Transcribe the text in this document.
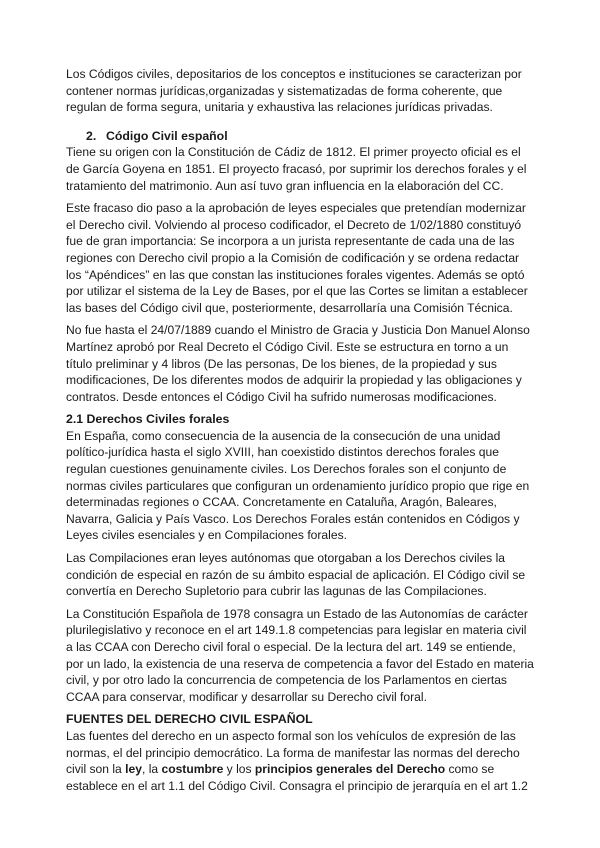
Los Códigos civiles, depositarios de los conceptos e instituciones se caracterizan por contener normas jurídicas,organizadas y sistematizadas de forma coherente, que regulan de forma segura, unitaria y exhaustiva las relaciones jurídicas privadas.

2. Código Civil español

Tiene su origen con la Constitución de Cádiz de 1812. El primer proyecto oficial es el de García Goyena en 1851. El proyecto fracasó, por suprimir los derechos forales y el tratamiento del matrimonio. Aun así tuvo gran influencia en la elaboración del CC.

Este fracaso dio paso a la aprobación de leyes especiales que pretendían modernizar el Derecho civil. Volviendo al proceso codificador, el Decreto de 1/02/1880 constituyó fue de gran importancia: Se incorpora a un jurista representante de cada una de las regiones con Derecho civil propio a la Comisión de codificación y se ordena redactar los “Apéndices” en las que constan las instituciones forales vigentes. Además se optó por utilizar el sistema de la Ley de Bases, por el que las Cortes se limitan a establecer las bases del Código civil que, posteriormente, desarrollaría una Comisión Técnica.

No fue hasta el 24/07/1889 cuando el Ministro de Gracia y Justicia Don Manuel Alonso Martínez aprobó por Real Decreto el Código Civil. Este se estructura en torno a un título preliminar y 4 libros (De las personas, De los bienes, de la propiedad y sus modificaciones, De los diferentes modos de adquirir la propiedad y las obligaciones y contratos. Desde entonces el Código Civil ha sufrido numerosas modificaciones.

2.1 Derechos Civiles forales

En España, como consecuencia de la ausencia de la consecución de una unidad político-jurídica hasta el siglo XVIII, han coexistido distintos derechos forales que regulan cuestiones genuinamente civiles. Los Derechos forales son el conjunto de normas civiles particulares que configuran un ordenamiento jurídico propio que rige en determinadas regiones o CCAA. Concretamente en Cataluña, Aragón, Baleares, Navarra, Galicia y País Vasco. Los Derechos Forales están contenidos en Códigos y Leyes civiles esenciales y en Compilaciones forales.

Las Compilaciones eran leyes autónomas que otorgaban a los Derechos civiles la condición de especial en razón de su ámbito espacial de aplicación. El Código civil se convertía en Derecho Supletorio para cubrir las lagunas de las Compilaciones.

La Constitución Española de 1978 consagra un Estado de las Autonomías de carácter plurilegislativo y reconoce en el art 149.1.8 competencias para legislar en materia civil a las CCAA con Derecho civil foral o especial. De la lectura del art. 149 se entiende, por un lado, la existencia de una reserva de competencia a favor del Estado en materia civil, y por otro lado la concurrencia de competencia de los Parlamentos en ciertas CCAA para conservar, modificar y desarrollar su Derecho civil foral.

FUENTES DEL DERECHO CIVIL ESPAÑOL

Las fuentes del derecho en un aspecto formal son los vehículos de expresión de las normas, el del principio democrático. La forma de manifestar las normas del derecho civil son la ley, la costumbre y los principios generales del Derecho como se establece en el art 1.1 del Código Civil. Consagra el principio de jerarquía en el art 1.2
